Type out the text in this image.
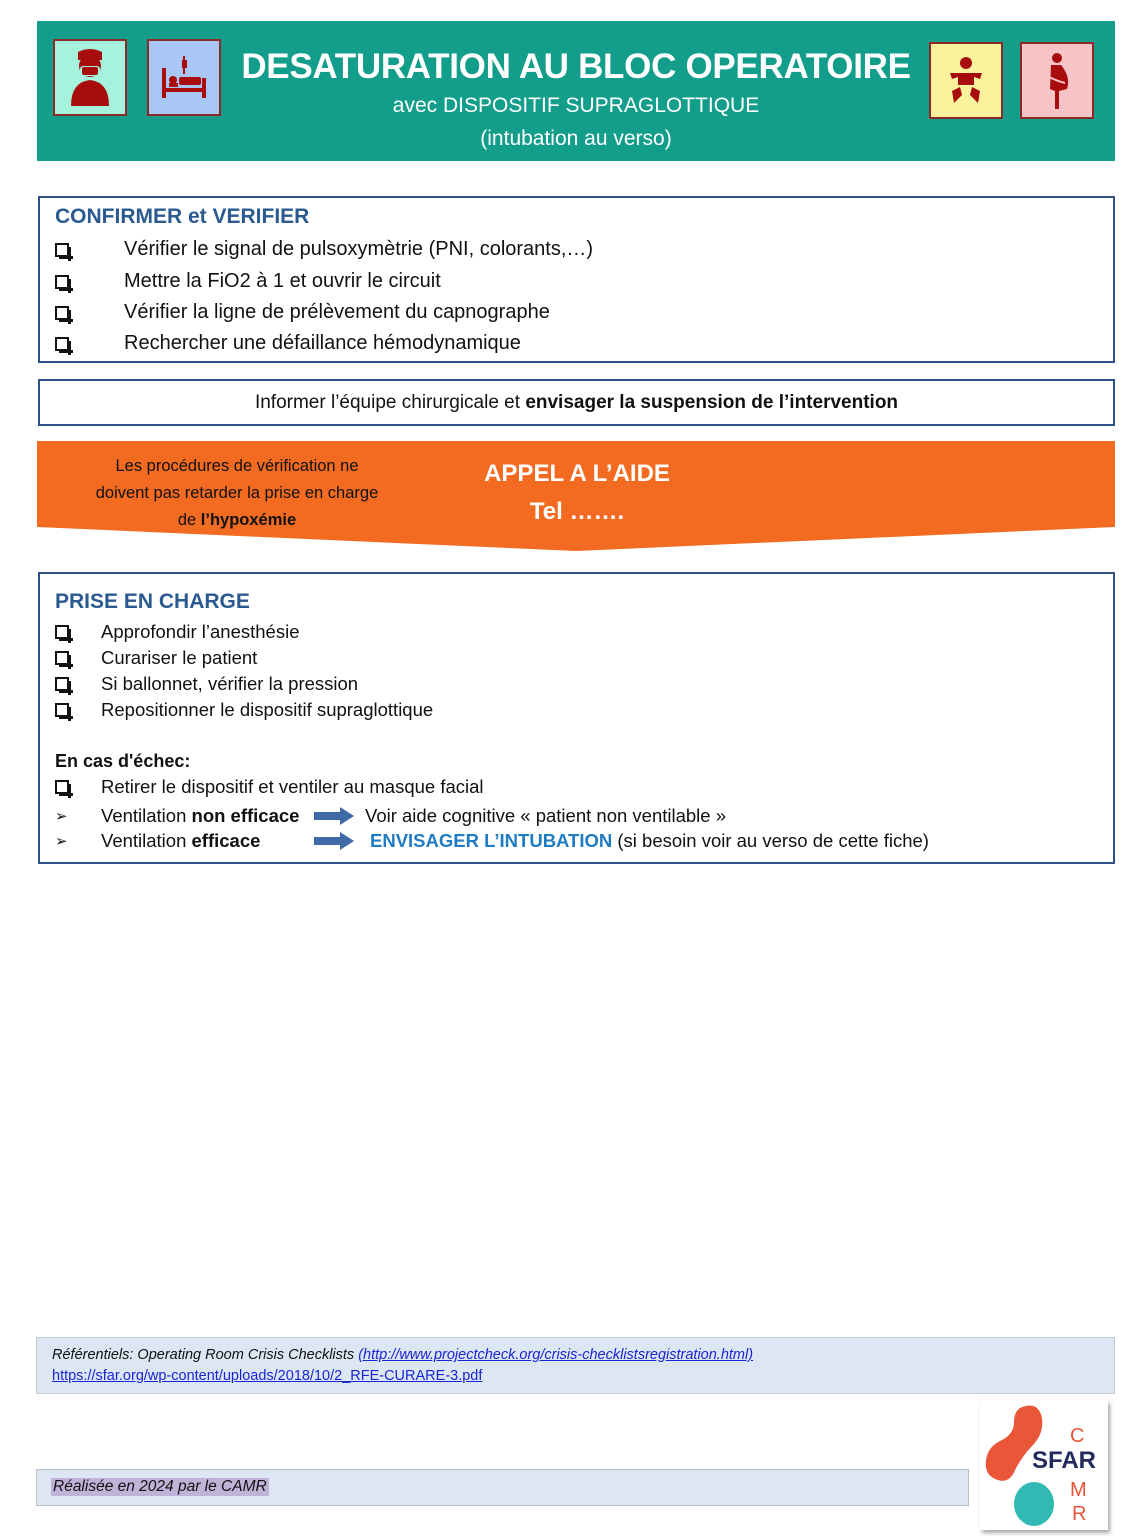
DESATURATION AU BLOC OPERATOIRE
avec DISPOSITIF SUPRAGLOTTIQUE
(intubation au verso)
CONFIRMER et VERIFIER
Vérifier le signal de pulsoxymètrie (PNI, colorants,…)
Mettre la FiO2 à 1 et ouvrir le circuit
Vérifier la ligne de prélèvement du capnographe
Rechercher une défaillance hémodynamique
Informer l’équipe chirurgicale et envisager la suspension de l’intervention
Les procédures de vérification ne
doivent pas retarder la prise en charge
de l’hypoxémie
APPEL A L’AIDE
Tel …….
PRISE EN CHARGE
Approfondir l’anesthésie
Curariser le patient
Si ballonnet, vérifier la pression
Repositionner le dispositif supraglottique
En cas d'échec:
Retirer le dispositif et ventiler au masque facial
➢ Ventilation non efficace	Voir aide cognitive « patient non ventilable »
➢ Ventilation efficace	ENVISAGER L’INTUBATION (si besoin voir au verso de cette fiche)
Référentiels: Operating Room Crisis Checklists (http://www.projectcheck.org/crisis-checklistsregistration.html)
https://sfar.org/wp-content/uploads/2018/10/2_RFE-CURARE-3.pdf
Réalisée en 2024 par le CAMR
C
SFAR
M
R
